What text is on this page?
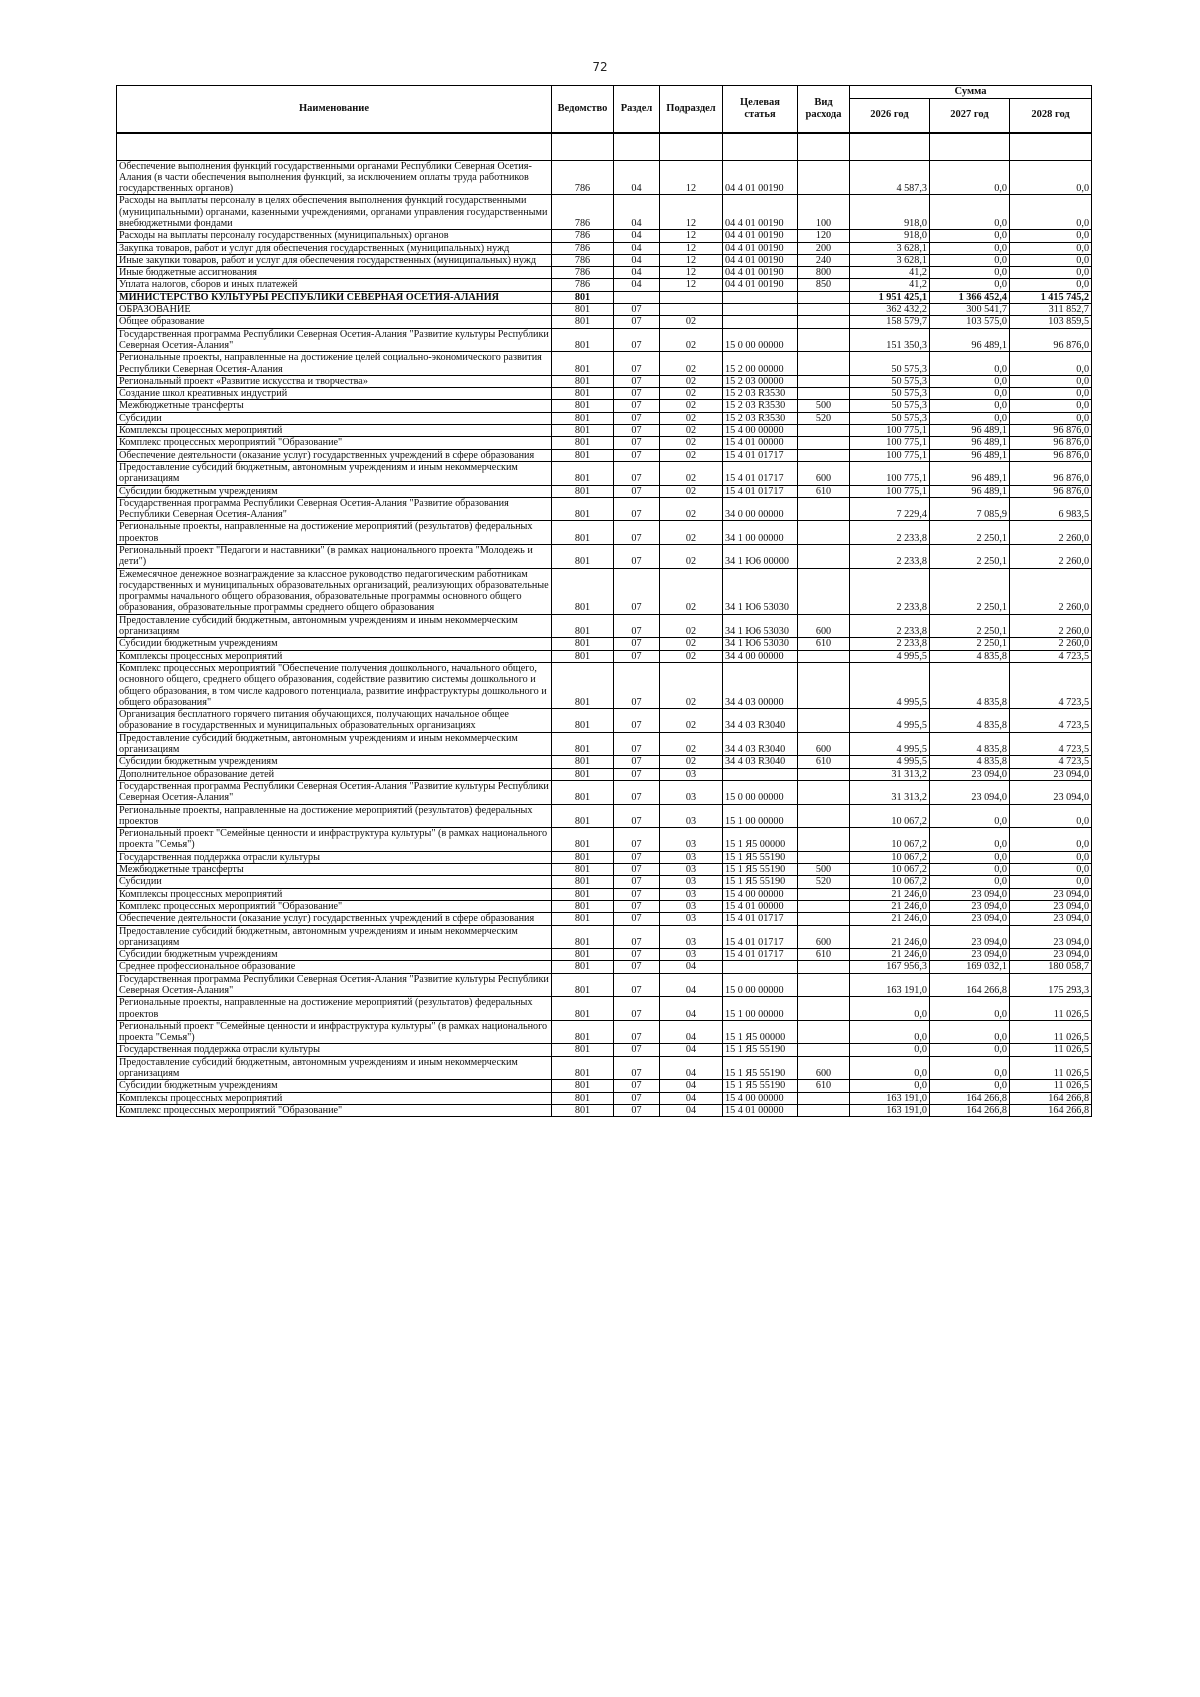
72
Наименование	Ведомство	Раздел	Подраздел	Целевая статья	Вид расхода	Сумма		
						2026 год	2027 год	2028 год

Обеспечение выполнения функций государственными органами Республики Северная Осетия-Алания (в части обеспечения выполнения функций, за исключением оплаты труда работников государственных органов)	786	04	12	04 4 01 00190		4 587,3	0,0	0,0
Расходы на выплаты персоналу в целях обеспечения выполнения функций государственными (муниципальными) органами, казенными учреждениями, органами управления государственными внебюджетными фондами	786	04	12	04 4 01 00190	100	918,0	0,0	0,0
Расходы на выплаты персоналу государственных (муниципальных) органов	786	04	12	04 4 01 00190	120	918,0	0,0	0,0
Закупка товаров, работ и услуг для обеспечения государственных (муниципальных) нужд	786	04	12	04 4 01 00190	200	3 628,1	0,0	0,0
Иные закупки товаров, работ и услуг для обеспечения государственных (муниципальных) нужд	786	04	12	04 4 01 00190	240	3 628,1	0,0	0,0
Иные бюджетные ассигнования	786	04	12	04 4 01 00190	800	41,2	0,0	0,0
Уплата налогов, сборов и иных платежей	786	04	12	04 4 01 00190	850	41,2	0,0	0,0
МИНИСТЕРСТВО КУЛЬТУРЫ РЕСПУБЛИКИ СЕВЕРНАЯ ОСЕТИЯ-АЛАНИЯ	801					1 951 425,1	1 366 452,4	1 415 745,2
ОБРАЗОВАНИЕ	801	07				362 432,2	300 541,7	311 852,7
Общее образование	801	07	02			158 579,7	103 575,0	103 859,5
Государственная программа Республики Северная Осетия-Алания "Развитие культуры Республики Северная Осетия-Алания"	801	07	02	15 0 00 00000		151 350,3	96 489,1	96 876,0
Региональные проекты, направленные на достижение целей социально-экономического развития Республики Северная Осетия-Алания	801	07	02	15 2 00 00000		50 575,3	0,0	0,0
Региональный проект «Развитие искусства и творчества»	801	07	02	15 2 03 00000		50 575,3	0,0	0,0
Создание школ креативных индустрий	801	07	02	15 2 03 R3530		50 575,3	0,0	0,0
Межбюджетные трансферты	801	07	02	15 2 03 R3530	500	50 575,3	0,0	0,0
Субсидии	801	07	02	15 2 03 R3530	520	50 575,3	0,0	0,0
Комплексы процессных мероприятий	801	07	02	15 4 00 00000		100 775,1	96 489,1	96 876,0
Комплекс процессных мероприятий "Образование"	801	07	02	15 4 01 00000		100 775,1	96 489,1	96 876,0
Обеспечение деятельности (оказание услуг) государственных учреждений в сфере образования	801	07	02	15 4 01 01717		100 775,1	96 489,1	96 876,0
Предоставление субсидий бюджетным, автономным учреждениям и иным некоммерческим организациям	801	07	02	15 4 01 01717	600	100 775,1	96 489,1	96 876,0
Субсидии бюджетным учреждениям	801	07	02	15 4 01 01717	610	100 775,1	96 489,1	96 876,0
Государственная программа Республики Северная Осетия-Алания "Развитие образования Республики Северная Осетия-Алания"	801	07	02	34 0 00 00000		7 229,4	7 085,9	6 983,5
Региональные проекты, направленные на достижение мероприятий (результатов) федеральных проектов	801	07	02	34 1 00 00000		2 233,8	2 250,1	2 260,0
Региональный проект "Педагоги и наставники" (в рамках национального проекта "Молодежь и дети")	801	07	02	34 1 Ю6 00000		2 233,8	2 250,1	2 260,0
Ежемесячное денежное вознаграждение за классное руководство педагогическим работникам государственных и муниципальных образовательных организаций, реализующих образовательные программы начального общего образования, образовательные программы основного общего образования, образовательные программы среднего общего образования	801	07	02	34 1 Ю6 53030		2 233,8	2 250,1	2 260,0
Предоставление субсидий бюджетным, автономным учреждениям и иным некоммерческим организациям	801	07	02	34 1 Ю6 53030	600	2 233,8	2 250,1	2 260,0
Субсидии бюджетным учреждениям	801	07	02	34 1 Ю6 53030	610	2 233,8	2 250,1	2 260,0
Комплексы процессных мероприятий	801	07	02	34 4 00 00000		4 995,5	4 835,8	4 723,5
Комплекс процессных мероприятий "Обеспечение получения дошкольного, начального общего, основного общего, среднего общего образования, содействие развитию системы дошкольного и общего образования, в том числе кадрового потенциала, развитие инфраструктуры дошкольного и общего образования"	801	07	02	34 4 03 00000		4 995,5	4 835,8	4 723,5
Организация бесплатного горячего питания обучающихся, получающих начальное общее образование в государственных и муниципальных образовательных организациях	801	07	02	34 4 03 R3040		4 995,5	4 835,8	4 723,5
Предоставление субсидий бюджетным, автономным учреждениям и иным некоммерческим организациям	801	07	02	34 4 03 R3040	600	4 995,5	4 835,8	4 723,5
Субсидии бюджетным учреждениям	801	07	02	34 4 03 R3040	610	4 995,5	4 835,8	4 723,5
Дополнительное образование детей	801	07	03			31 313,2	23 094,0	23 094,0
Государственная программа Республики Северная Осетия-Алания "Развитие культуры Республики Северная Осетия-Алания"	801	07	03	15 0 00 00000		31 313,2	23 094,0	23 094,0
Региональные проекты, направленные на достижение мероприятий (результатов) федеральных проектов	801	07	03	15 1 00 00000		10 067,2	0,0	0,0
Региональный проект "Семейные ценности и инфраструктура культуры" (в рамках национального проекта "Семья")	801	07	03	15 1 Я5 00000		10 067,2	0,0	0,0
Государственная поддержка отрасли культуры	801	07	03	15 1 Я5 55190		10 067,2	0,0	0,0
Межбюджетные трансферты	801	07	03	15 1 Я5 55190	500	10 067,2	0,0	0,0
Субсидии	801	07	03	15 1 Я5 55190	520	10 067,2	0,0	0,0
Комплексы процессных мероприятий	801	07	03	15 4 00 00000		21 246,0	23 094,0	23 094,0
Комплекс процессных мероприятий "Образование"	801	07	03	15 4 01 00000		21 246,0	23 094,0	23 094,0
Обеспечение деятельности (оказание услуг) государственных учреждений в сфере образования	801	07	03	15 4 01 01717		21 246,0	23 094,0	23 094,0
Предоставление субсидий бюджетным, автономным учреждениям и иным некоммерческим организациям	801	07	03	15 4 01 01717	600	21 246,0	23 094,0	23 094,0
Субсидии бюджетным учреждениям	801	07	03	15 4 01 01717	610	21 246,0	23 094,0	23 094,0
Среднее профессиональное образование	801	07	04			167 956,3	169 032,1	180 058,7
Государственная программа Республики Северная Осетия-Алания "Развитие культуры Республики Северная Осетия-Алания"	801	07	04	15 0 00 00000		163 191,0	164 266,8	175 293,3
Региональные проекты, направленные на достижение мероприятий (результатов) федеральных проектов	801	07	04	15 1 00 00000		0,0	0,0	11 026,5
Региональный проект "Семейные ценности и инфраструктура культуры" (в рамках национального проекта "Семья")	801	07	04	15 1 Я5 00000		0,0	0,0	11 026,5
Государственная поддержка отрасли культуры	801	07	04	15 1 Я5 55190		0,0	0,0	11 026,5
Предоставление субсидий бюджетным, автономным учреждениям и иным некоммерческим организациям	801	07	04	15 1 Я5 55190	600	0,0	0,0	11 026,5
Субсидии бюджетным учреждениям	801	07	04	15 1 Я5 55190	610	0,0	0,0	11 026,5
Комплексы процессных мероприятий	801	07	04	15 4 00 00000		163 191,0	164 266,8	164 266,8
Комплекс процессных мероприятий "Образование"	801	07	04	15 4 01 00000		163 191,0	164 266,8	164 266,8
